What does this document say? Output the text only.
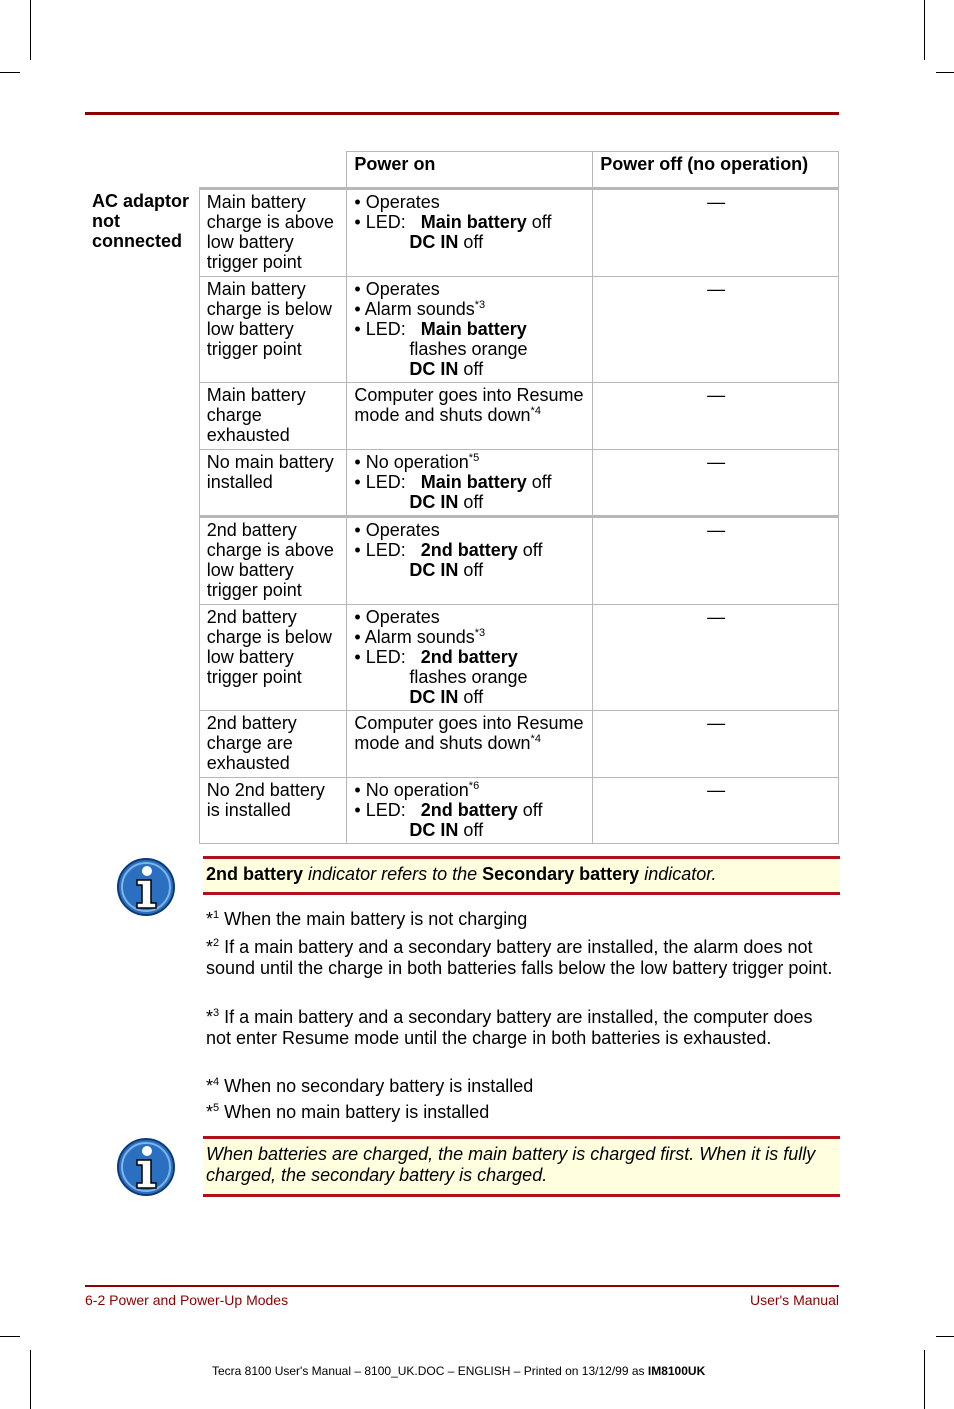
		Power on	Power off (no operation)
AC adaptor not connected	Main battery charge is above low battery trigger point	• Operates
• LED: Main battery off
DC IN off	—
	Main battery charge is below low battery trigger point	• Operates
• Alarm sounds$^{*3}$
• LED: Main battery
flashes orange
DC IN off	—
	Main battery charge exhausted	Computer goes into Resume mode and shuts down$^{*4}$	—
	No main battery installed	• No operation$^{*5}$
• LED: Main battery off
DC IN off	—
	2nd battery charge is above low battery trigger point	• Operates
• LED: 2nd battery off
DC IN off	—
	2nd battery charge is below low battery trigger point	• Operates
• Alarm sounds$^{*3}$
• LED: 2nd battery
flashes orange
DC IN off	—
	2nd battery charge are exhausted	Computer goes into Resume mode and shuts down$^{*4}$	—
	No 2nd battery is installed	• No operation$^{*6}$
• LED: 2nd battery off
DC IN off	—
2nd battery indicator refers to the Secondary battery indicator.
*$^1$ When the main battery is not charging
*$^2$ If a main battery and a secondary battery are installed, the alarm does not sound until the charge in both batteries falls below the low battery trigger point.
*$^3$ If a main battery and a secondary battery are installed, the computer does not enter Resume mode until the charge in both batteries is exhausted.
*$^4$ When no secondary battery is installed
*$^5$ When no main battery is installed
When batteries are charged, the main battery is charged first. When it is fully charged, the secondary battery is charged.
6-2 Power and Power-Up Modes	User's Manual
Tecra 8100 User's Manual – 8100_UK.DOC – ENGLISH – Printed on 13/12/99 as IM8100UK
